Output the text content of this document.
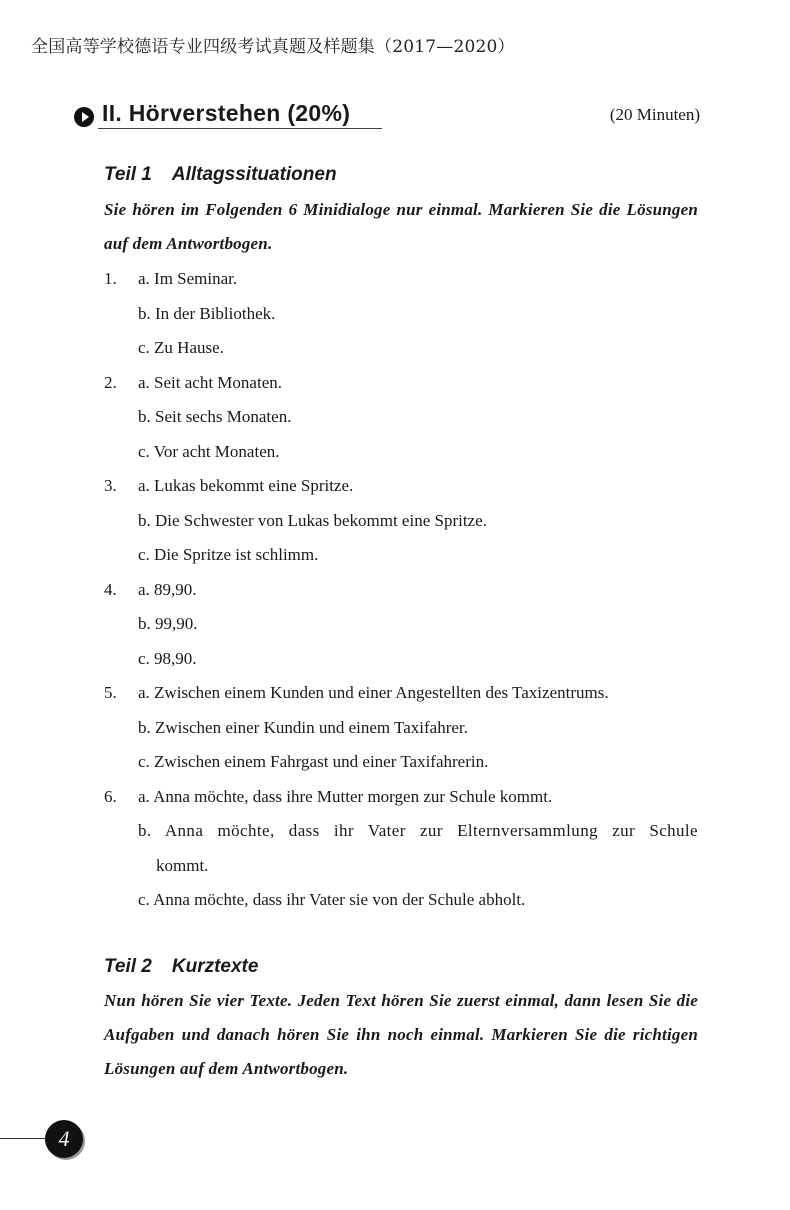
全国高等学校德语专业四级考试真题及样题集（2017—2020）
II. Hörverstehen (20%)	(20 Minuten)
Teil 1 Alltagssituationen

Sie hören im Folgenden 6 Minidialoge nur einmal. Markieren Sie die Lösungen auf dem Antwortbogen.

1. a. Im Seminar.
b. In der Bibliothek.
c. Zu Hause.
2. a. Seit acht Monaten.
b. Seit sechs Monaten.
c. Vor acht Monaten.
3. a. Lukas bekommt eine Spritze.
b. Die Schwester von Lukas bekommt eine Spritze.
c. Die Spritze ist schlimm.
4. a. 89,90.
b. 99,90.
c. 98,90.
5. a. Zwischen einem Kunden und einer Angestellten des Taxizentrums.
b. Zwischen einer Kundin und einem Taxifahrer.
c. Zwischen einem Fahrgast und einer Taxifahrerin.
6. a. Anna möchte, dass ihre Mutter morgen zur Schule kommt.
b. Anna möchte, dass ihr Vater zur Elternversammlung zur Schule
kommt.
c. Anna möchte, dass ihr Vater sie von der Schule abholt.
Teil 2 Kurztexte

Nun hören Sie vier Texte. Jeden Text hören Sie zuerst einmal, dann lesen Sie die Aufgaben und danach hören Sie ihn noch einmal. Markieren Sie die richtigen Lösungen auf dem Antwortbogen.

4
